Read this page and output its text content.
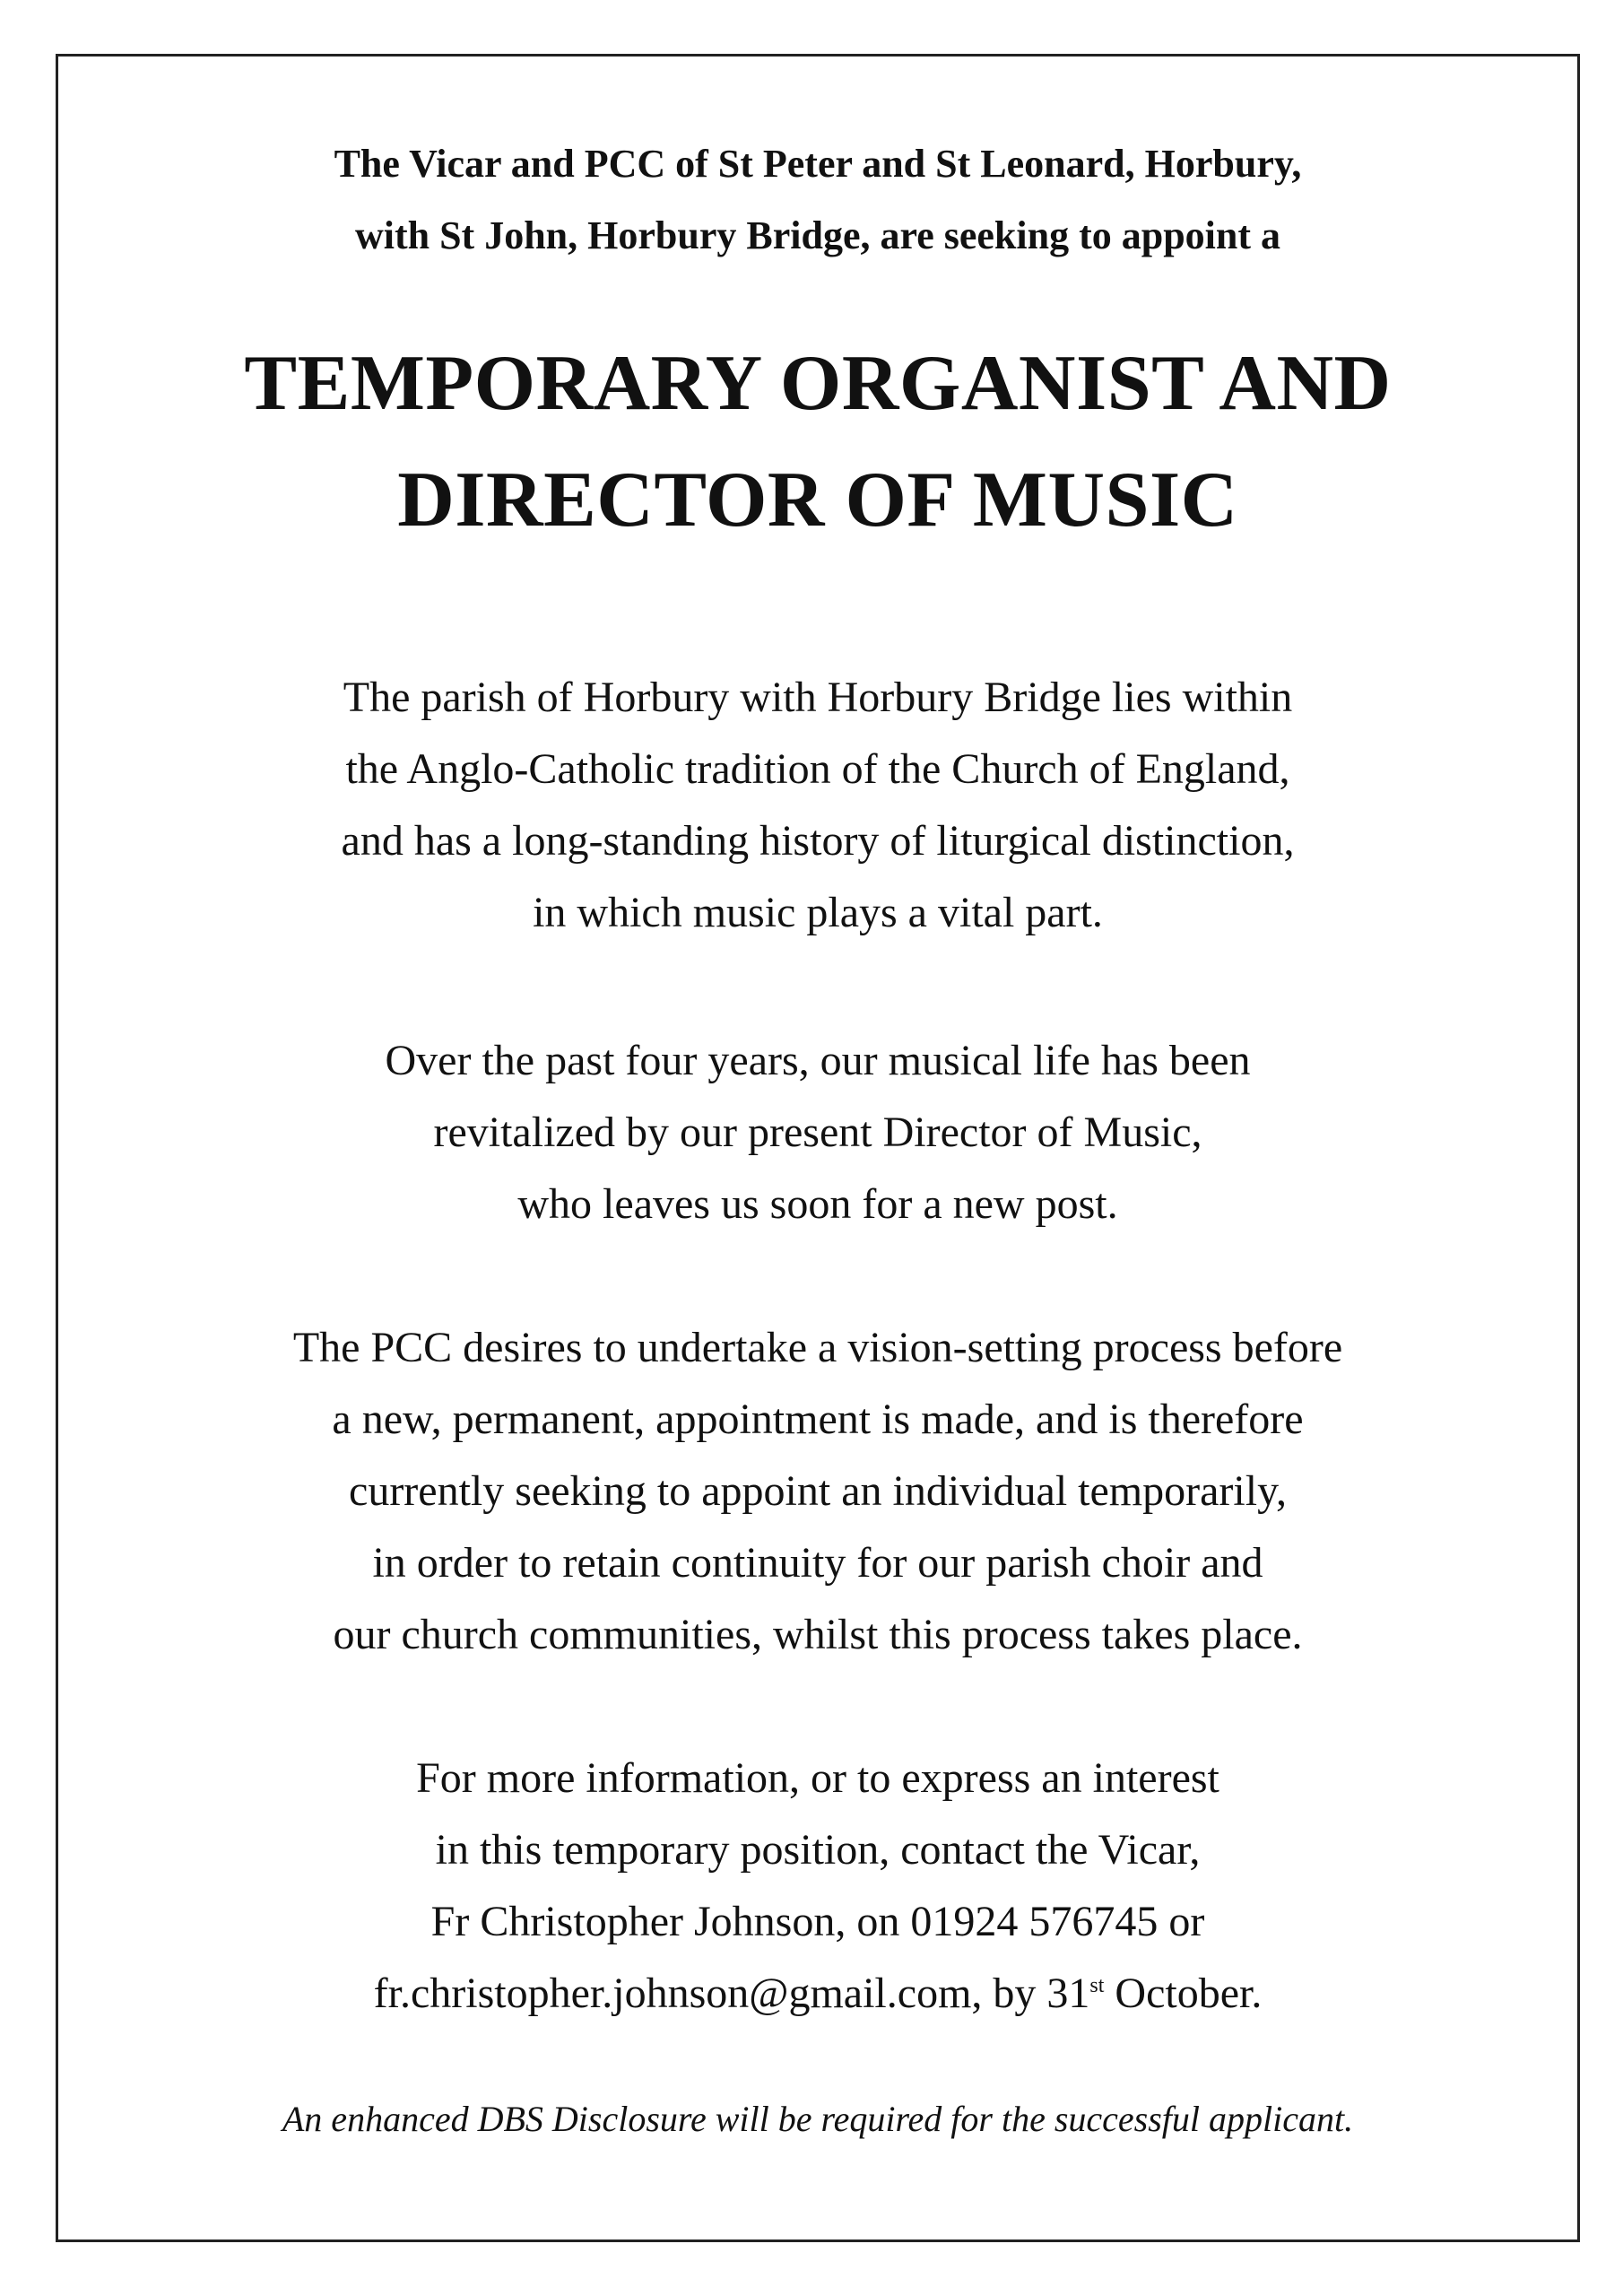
The Vicar and PCC of St Peter and St Leonard, Horbury,
with St John, Horbury Bridge, are seeking to appoint a
TEMPORARY ORGANIST AND
DIRECTOR OF MUSIC
The parish of Horbury with Horbury Bridge lies within
the Anglo-Catholic tradition of the Church of England,
and has a long-standing history of liturgical distinction,
in which music plays a vital part.
Over the past four years, our musical life has been
revitalized by our present Director of Music,
who leaves us soon for a new post.
The PCC desires to undertake a vision-setting process before
a new, permanent, appointment is made, and is therefore
currently seeking to appoint an individual temporarily,
in order to retain continuity for our parish choir and
our church communities, whilst this process takes place.
For more information, or to express an interest
in this temporary position, contact the Vicar,
Fr Christopher Johnson, on 01924 576745 or
fr.christopher.johnson@gmail.com, by 31st October.
An enhanced DBS Disclosure will be required for the successful applicant.
